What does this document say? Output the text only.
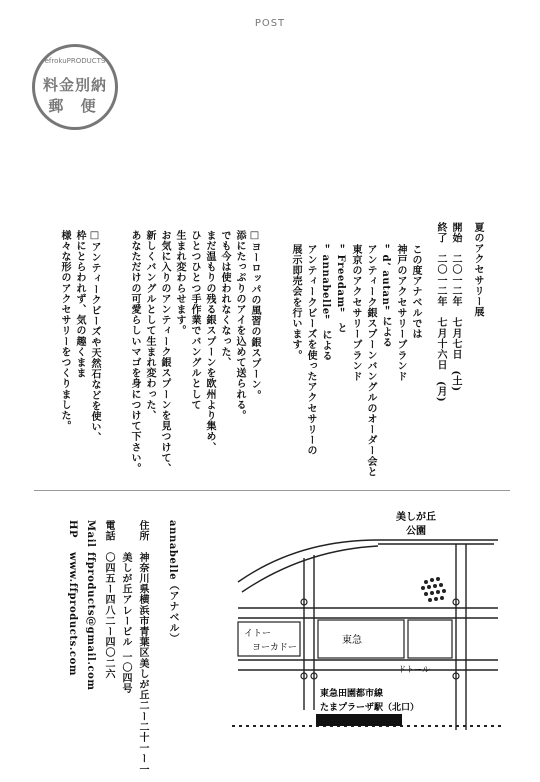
POST
efrokuPRODUCTS
料金別納
郵 便
夏のアクセサリー展
開始　二〇一二年　七月七日　(土)
終了　二〇一二年　七月十六日　(月)
この度アナベルでは
神戸のアクセサリーブランド
＂d’ autan＂による
アンティーク銀スプーンバングルのオーダー会と
東京のアクセサリーブランド
＂Freedam＂ と
＂annabelle＂ による
アンティークビーズを使ったアクセサリーの
展示即売会を行います。
□ヨーロッパの風習の銀スプーン。
添にたっぷりのアイを込めて送られる。
でも今は使われなくなった、
まだ温もりの残る銀スプーンを欧州より集め、
ひとつひとつ手作業でバングルとして
生まれ変わらせます。
お気に入りのアンティーク銀スプーンを見つけて、
新しくバングルとして生まれ変わった、
あなただけの可愛らしいマゴを身につけて下さい。
□アンティークビーズや天然石などを使い、
枠にとらわれず、気の趣くまま
様々な形のアクセサリーをつくりました。
annabelle（アナベル）
住所
神奈川県横浜市青葉区美しが丘二ー二十一ー一
美しが丘アレービル 一〇四号
電話
〇四五ー四八二ー四〇二六
Mail
ffproducts@gmail.com
HP
www.ffproducts.com
美しが丘
公園
イトー
ヨーカドー
東急
ドトール
東急田園都市線
たまプラーザ駅（北口）
